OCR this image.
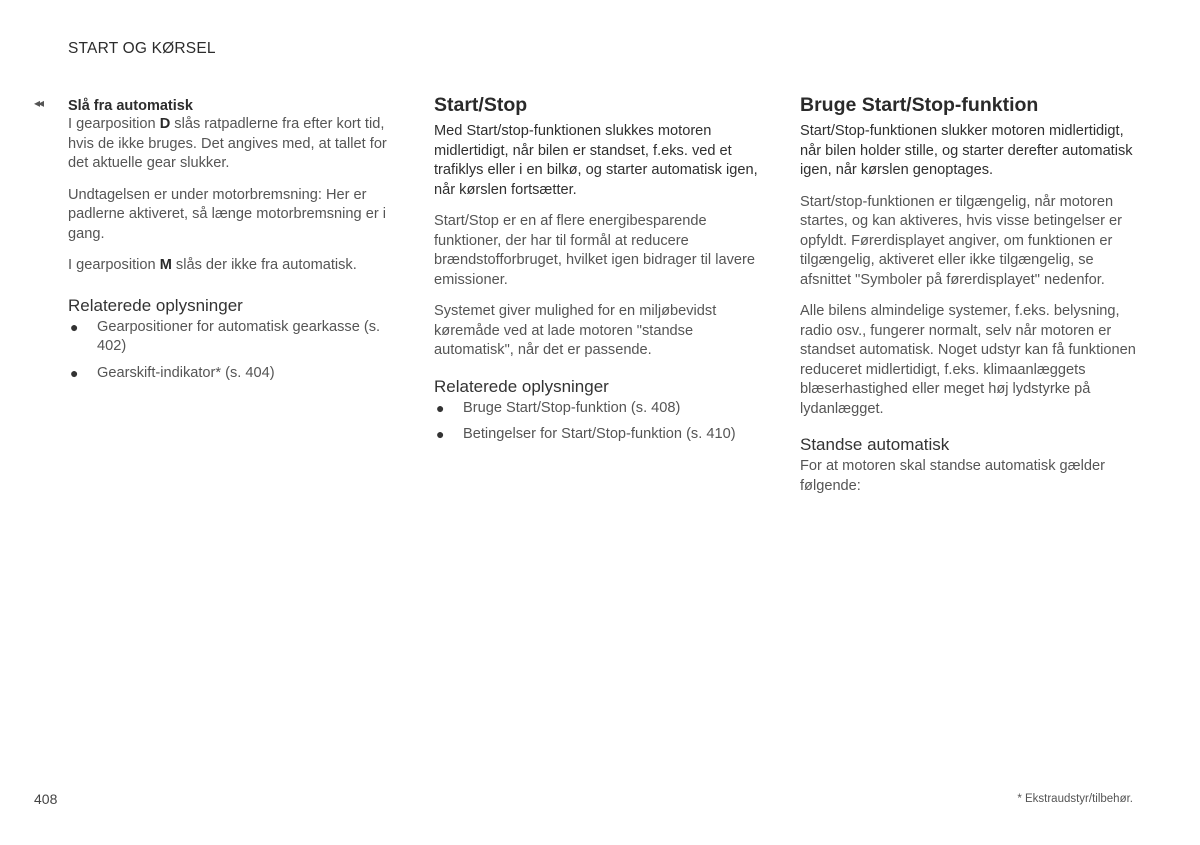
START OG KØRSEL
◂◂ Slå fra automatisk

I gearposition D slås ratpadlerne fra efter kort tid, hvis de ikke bruges. Det angives med, at tallet for det aktuelle gear slukker.

Undtagelsen er under motorbremsning: Her er padlerne aktiveret, så længe motorbremsning er i gang.

I gearposition M slås der ikke fra automatisk.

Relaterede oplysninger
● Gearpositioner for automatisk gearkasse (s. 402)
● Gearskift-indikator* (s. 404)
Start/Stop
Med Start/stop-funktionen slukkes motoren midlertidigt, når bilen er standset, f.eks. ved et trafiklys eller i en bilkø, og starter automatisk igen, når kørslen fortsætter.

Start/Stop er en af flere energibesparende funktioner, der har til formål at reducere brændstofforbruget, hvilket igen bidrager til lavere emissioner.

Systemet giver mulighed for en miljøbevidst køremåde ved at lade motoren "standse automatisk", når det er passende.

Relaterede oplysninger
● Bruge Start/Stop-funktion (s. 408)
● Betingelser for Start/Stop-funktion (s. 410)
Bruge Start/Stop-funktion
Start/Stop-funktionen slukker motoren midlertidigt, når bilen holder stille, og starter derefter automatisk igen, når kørslen genoptages.

Start/stop-funktionen er tilgængelig, når motoren startes, og kan aktiveres, hvis visse betingelser er opfyldt. Førerdisplayet angiver, om funktionen er tilgængelig, aktiveret eller ikke tilgængelig, se afsnittet "Symboler på førerdisplayet" nedenfor.

Alle bilens almindelige systemer, f.eks. belysning, radio osv., fungerer normalt, selv når motoren er standset automatisk. Noget udstyr kan få funktionen reduceret midlertidigt, f.eks. klimaanlæggets blæserhastighed eller meget høj lydstyrke på lydanlægget.

Standse automatisk

For at motoren skal standse automatisk gælder følgende:

408	* Ekstraudstyr/tilbehør.
